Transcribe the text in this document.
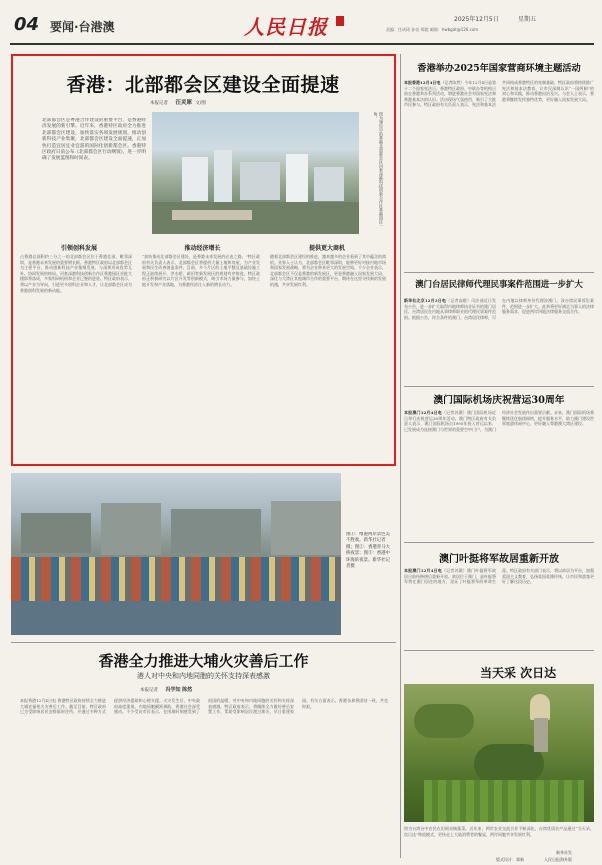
04 要闻·台港澳	人民日报	2025年12月5日	星期五
责编：任成琦 孙亮 郑超 邮箱：hwbgat@126.com
香港：北部都会区建设全面提速
本报记者 汪灵犀 文/图
北部都会区是粤港合作建设的重要平台，是香港经济发展的新引擎。近年来，香港特区政府全力推进北部都会区建设，加快落实各项发展规划，推动创新科技产业集聚，北部都会区建设全面提速，正加快打造宜居宜业宜游的国际化创新都会区。香港特区政府日前公布《北部都会区行动纲领》，进一步明确了发展蓝图和时间表。	图为建设中的香港北部都会区河套深港科技创新合作区香港园区一角。
引领创科发展	推动经济增长	提供更大商机
占香港总面积约三分之一的北部都会区位于香港北部，毗邻深圳，是香港未来发展的重要增长极。香港特区政府以北部都会区为主要平台，推动创新科技产业集聚发展，与深圳形成优势互补、协同发展的格局。河套深港科技创新合作区香港园区首批大楼即将落成，多家科研机构和企业已签约进驻。特区政府表示，将以产业为导向，引进更多创科企业和人才，让北部都会区成为香港创科发展的新动能。
“加快推动北部都会区建设，是香港未来发展的必由之路。”特区政府有关负责人表示，北部都会区将提供大量土地和房屋，为产业发展和民生改善创造条件。目前，多个片区的土地平整及基础设施工程正陆续展开，洪水桥、新田等新发展区的规划有序推进。特区政府正积极研究以片区开发等创新模式，吸引市场力量参与，加快土地开发和产业落地，为香港经济注入新的增长动力。
随着北部都会区建设的推进，越来越多的企业看到了其中蕴含的商机。业界人士认为，北部都会区毗邻深圳，能够更好对接内地市场和国家发展战略，将为企业带来更大的发展空间。不少企业表示，北部都会区不仅是香港的新发展区，更是香港融入国家发展大局、深化与大湾区其他城市合作的重要平台，期待在这里寻找新的发展机遇，共享发展红利。
图①：维港两岸景色美不胜收。新华社记者摄；图②：香港青马大桥夜景；图③：香港中环海滨夜景。新华社记者摄
香港全力推进大埔火灾善后工作
港人对中央和内地同胞的关怀支持深表感激
本报记者 冯学知 陈然
本报香港12月4日电 香港特区政府持续全力推进大埔宏福苑火灾善后工作。截至目前，特区政府已为受影响居民安排临时住所，并通过多种方式提供经济援助和心理支援。火灾发生后，中央政府高度重视，内地同胞踊跃捐助，香港社会深受感动。不少受访市民表示，在困难时刻感受到了祖国的温暖，对中央和内地同胞的关怀和支持深表感激。特区政府表示，将继续全力做好善后安置工作，帮助受影响居民渡过难关，早日重建家园。有关方面表示，香港各界将团结一致，共克时艰。
香港举办2025年国家营商环境主题活动
本报香港12月4日电（记者陈然）今年12月4日是第十二个国家宪法日。香港特区政府、中联办等机构日前在香港举办系列活动，增进香港社会对国家宪法和香港基本法的认识。活动现场气氛热烈，吸引了大批市民参与。特区政府有关负责人表示，宪法和基本法共同构成香港特区的宪制基础，特区政府将持续推广宪法和基本法教育，让市民深刻认识“一国两制”的初心和实践，推动香港由治及兴。与会人士表示，香港将继续发挥独特优势，更好融入国家发展大局。
澳门台居民律师代理民事案件范围进一步扩大
新华社北京12月3日电（记者高敬）司法部近日发布公告，进一步扩大取得内地律师执业证书的澳门居民、台湾居民在内地从事律师职业的代理民事案件范围。根据公告，符合条件的澳门、台湾居民律师，可在内地以律师身份代理涉澳门、涉台湾民事诉讼案件，范围进一步扩大。此举将更好满足当事人的法律服务需求，促进两岸四地法律服务交流合作。
澳门国际机场庆祝营运30周年
本报澳门12月4日电（记者苏澳）澳门国际机场近日举行庆祝营运30周年活动。澳门特区政府有关负责人表示，澳门国际机场自1995年投入营运以来，已发展成为连接澳门与世界的重要空中门户，为澳门经济社会发展作出重要贡献。未来，澳门国际机场将继续优化航线网络，提升服务水平，助力澳门建设世界旅游休闲中心，更好融入粤港澳大湾区建设。
澳门叶挺将军故居重新开放
本报澳门12月4日电（记者苏澳）澳门叶挺将军故居日前经修缮后重新开放。故居位于澳门，是叶挺将军曾在澳门居住的地方，见证了叶挺将军的革命生涯。特区政府有关部门表示，将以故居为平台，加强爱国主义教育，弘扬爱国爱澳传统，让市民和游客更好了解这段历史。
当天采 次日达
图为台湾台中农民在田间采摘蔬菜。近年来，两岸农业交流合作不断深化，台湾优质农产品通过“当天采、次日达”物流模式，更快走上大陆消费者的餐桌，两岸同胞共享发展红利。
新华社发
版式设计：郑新	人民日报海外版
